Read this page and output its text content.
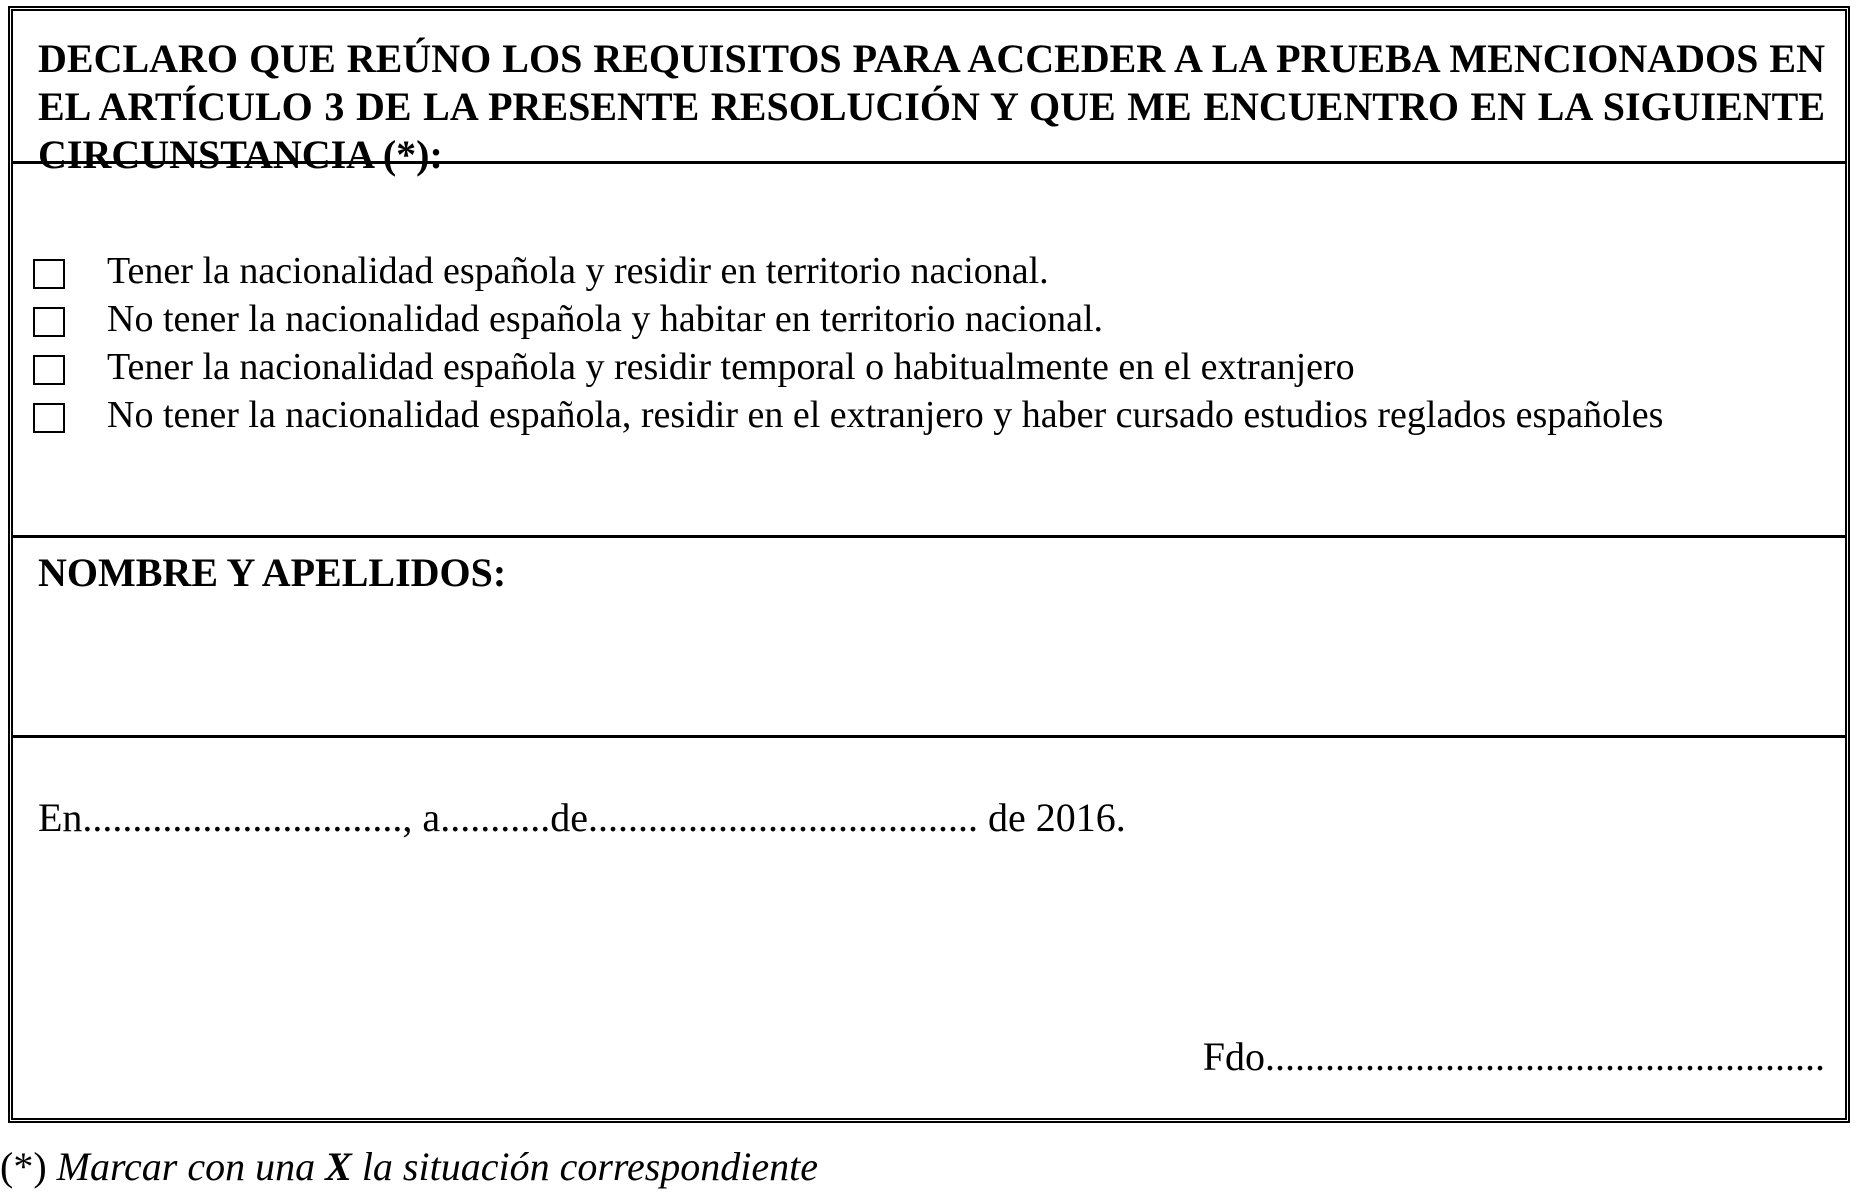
DECLARO QUE REÚNO LOS REQUISITOS PARA ACCEDER A LA PRUEBA MENCIONADOS EN EL ARTÍCULO 3 DE LA PRESENTE RESOLUCIÓN Y QUE ME ENCUENTRO EN LA SIGUIENTE CIRCUNSTANCIA (*):
Tener la nacionalidad española y residir en territorio nacional.
No tener la nacionalidad española y habitar en territorio nacional.
Tener la nacionalidad española y residir temporal o habitualmente en el extranjero
No tener la nacionalidad española, residir en el extranjero y haber cursado estudios reglados españoles
NOMBRE Y APELLIDOS:
En................................, a...........de....................................... de 2016.
Fdo........................................................
(*) Marcar con una X la situación correspondiente
